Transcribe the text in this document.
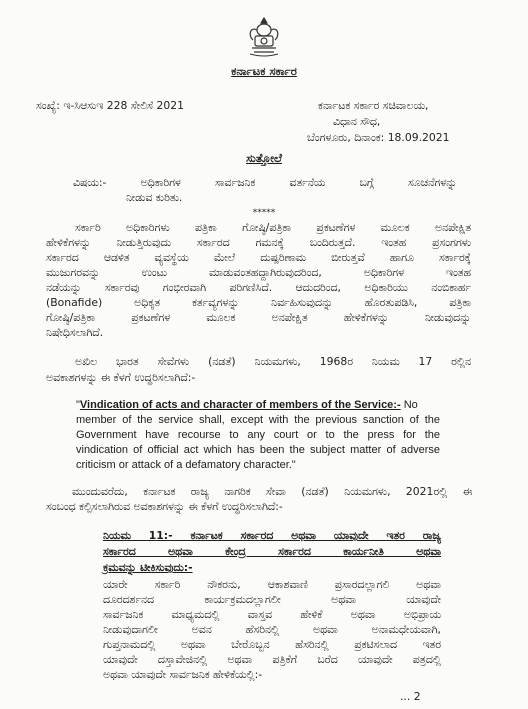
ಕರ್ನಾಟಕ ಸರ್ಕಾರ
ಸಂಖ್ಯೆ: ಇ-ಸಿಆಸುಇ 228 ಸೇಲಿಸೆ 2021	ಕರ್ನಾಟಕ ಸರ್ಕಾರ ಸಚಿವಾಲಯ,
ವಿಧಾನ ಸೌಧ,
ಬೆಂಗಳೂರು, ದಿನಾಂಕ: 18.09.2021
ಸುತ್ತೋಲೆ
ವಿಷಯ:- ಅಧಿಕಾರಿಗಳ ಸಾರ್ವಜನಿಕ ವರ್ತನೆಯ ಬಗ್ಗೆ ಸೂಚನೆಗಳನ್ನು
ನೀಡುವ ಕುರಿತು.
*****
ಸರ್ಕಾರಿ ಅಧಿಕಾರಿಗಳು ಪತ್ರಿಕಾ ಗೋಷ್ಠಿ/ಪತ್ರಿಕಾ ಪ್ರಕಟಣೆಗಳ ಮೂಲಕ ಅನಪೇಕ್ಷಿತ
ಹೇಳಿಕೆಗಳನ್ನು ನೀಡುತ್ತಿರುವುದು ಸರ್ಕಾರದ ಗಮನಕ್ಕೆ ಬಂದಿರುತ್ತದೆ. ಇಂತಹ ಪ್ರಸಂಗಗಳು
ಸರ್ಕಾರದ ಆಡಳಿತ ವ್ಯವಸ್ಥೆಯ ಮೇಲೆ ದುಷ್ಪರಿಣಾಮ ಬೀರುತ್ತವೆ ಹಾಗೂ ಸರ್ಕಾರಕ್ಕೆ
ಮುಜುಗರವನ್ನು ಉಂಟು ಮಾಡುವಂತಹದ್ದಾಗಿರುವುದರಿಂದ, ಅಧಿಕಾರಿಗಳ ಇಂತಹ
ನಡೆಯನ್ನು ಸರ್ಕಾರವು ಗಂಭೀರವಾಗಿ ಪರಿಗಣಿಸಿದೆ. ಆದುದರಿಂದ, ಅಧಿಕಾರಿಯು ನಂಬಿಕಾರ್ಹ
(Bonafide) ಅಧಿಕೃತ ಕರ್ತವ್ಯಗಳನ್ನು ನಿರ್ವಹಿಸುವುದನ್ನು ಹೊರತುಪಡಿಸಿ, ಪತ್ರಿಕಾ
ಗೋಷ್ಠಿ/ಪತ್ರಿಕಾ ಪ್ರಕಟಣೆಗಳ ಮೂಲಕ ಅನಪೇಕ್ಷಿತ ಹೇಳಿಕೆಗಳನ್ನು ನೀಡುವುದನ್ನು
ನಿಷೇಧಿಸಲಾಗಿದೆ.
ಅಖಿಲ ಭಾರತ ಸೇವೆಗಳು (ನಡತೆ) ನಿಯಮಗಳು, 1968ರ ನಿಯಮ 17 ರಲ್ಲಿನ
ಅವಕಾಶಗಳನ್ನು ಈ ಕೆಳಗೆ ಉದ್ಧರಿಸಲಾಗಿದೆ:-
"Vindication of acts and character of members of the Service:- No
member of the service shall, except with the previous sanction of the
Government have recourse to any court or to the press for the
vindication of official act which has been the subject matter of adverse
criticism or attack of a defamatory character."
ಮುಂದುವರೆದು, ಕರ್ನಾಟಕ ರಾಜ್ಯ ನಾಗರಿಕ ಸೇವಾ (ನಡತೆ) ನಿಯಮಗಳು, 2021ರಲ್ಲಿ ಈ
ಸಂಬಂಧ ಕಲ್ಪಿಸಲಾಗಿರುವ ಅವಕಾಶಗಳನ್ನು ಈ ಕೆಳಗೆ ಉದ್ಧರಿಸಲಾಗಿದೆ:-
ನಿಯಮ 11:- ಕರ್ನಾಟಕ ಸರ್ಕಾರದ ಅಥವಾ ಯಾವುದೇ ಇತರ ರಾಜ್ಯ
ಸರ್ಕಾರದ ಅಥವಾ ಕೇಂದ್ರ ಸರ್ಕಾರದ ಕಾರ್ಯನೀತಿ ಅಥವಾ
ಕ್ರಮವನ್ನು ಟೀಕಿಸುವುದು:-
ಯಾರೇ ಸರ್ಕಾರಿ ನೌಕರನು, ಆಕಾಶವಾಣಿ ಪ್ರಸಾರದಲ್ಲಾಗಲಿ ಅಥವಾ
ದೂರದರ್ಶನದ ಕಾರ್ಯಕ್ರಮದಲ್ಲಾಗಲೀ ಅಥವಾ ಯಾವುದೇ
ಸಾರ್ವಜನಿಕ ಮಾಧ್ಯಮದಲ್ಲಿ ವಾಸ್ತವ ಹೇಳಿಕೆ ಅಥವಾ ಅಭಿಪ್ರಾಯ
ನೀಡುವುದಾಗಲೀ ಅವನ ಹೆಸರಿನಲ್ಲಿ ಅಥವಾ ಅನಾಮಧೇಯವಾಗಿ,
ಗುಪ್ತನಾಮದಲ್ಲಿ ಅಥವಾ ಬೇರೊಬ್ಬನ ಹೆಸರಿನಲ್ಲಿ ಪ್ರಕಟಿಸಲಾದ ಇತರ
ಯಾವುದೇ ದಸ್ತಾವೇಜಿನಲ್ಲಿ ಅಥವಾ ಪತ್ರಿಕೆಗೆ ಬರೆದ ಯಾವುದೇ ಪತ್ರದಲ್ಲಿ
ಅಥವಾ ಯಾವುದೇ ಸಾರ್ವಜನಿಕ ಹೇಳಿಕೆಯಲ್ಲಿ:-
... 2
